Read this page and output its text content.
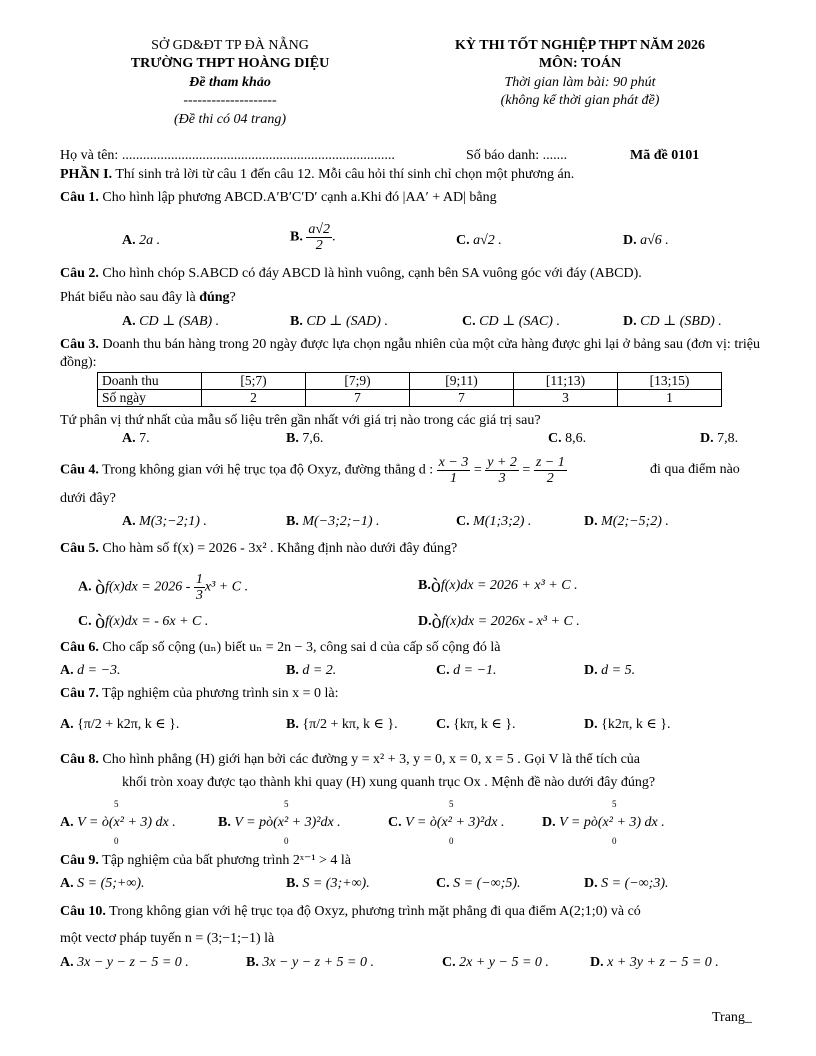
SỞ GD&ĐT TP ĐÀ NẴNG
TRƯỜNG THPT HOÀNG DIỆU
Đề tham khảo
--------------------
(Đề thi có 04 trang)
KỲ THI TỐT NGHIỆP THPT NĂM 2026
MÔN: TOÁN
Thời gian làm bài: 90 phút
(không kể thời gian phát đề)
Họ và tên: ..............................................................................	Số báo danh: .......	Mã đề 0101
PHẦN I. Thí sinh trả lời từ câu 1 đến câu 12. Mỗi câu hỏi thí sinh chỉ chọn một phương án.
Câu 1. Cho hình lập phương ABCD.A′B′C′D′ cạnh a.Khi đó |AA′ + AD| bằng
A. 2a .	B. $\frac{a√2}{2}$ .	C. a√2 .	D. a√6 .
Câu 2. Cho hình chóp S.ABCD có đáy ABCD là hình vuông, cạnh bên SA vuông góc với đáy (ABCD).
Phát biểu nào sau đây là đúng?
A. CD ⊥ (SAB) .	B. CD ⊥ (SAD) .	C. CD ⊥ (SAC) .	D. CD ⊥ (SBD) .
Câu 3. Doanh thu bán hàng trong 20 ngày được lựa chọn ngẫu nhiên của một cửa hàng được ghi lại ở bảng sau (đơn vị: triệu đồng):
Doanh thu	[5;7)	[7;9)	[9;11)	[11;13)	[13;15)
Số ngày	2	7	7	3	1
Tứ phân vị thứ nhất của mẫu số liệu trên gần nhất với giá trị nào trong các giá trị sau?
A. 7.	B. 7,6.	C. 8,6.	D. 7,8.
Câu 4. Trong không gian với hệ trục tọa độ Oxyz, đường thẳng d : $\frac{x - 3}{1} = \frac{y + 2}{3} = \frac{z - 1}{2}$	đi qua điểm nào
dưới đây?
A. M(3;−2;1) .	B. M(−3;2;−1) .	C. M(1;3;2) .	D. M(2;−5;2) .
Câu 5. Cho hàm số f(x) = 2026 - 3x² . Khẳng định nào dưới đây đúng?
A. òf(x)dx = $2026 - \frac{1}{3} x^3 + C$ .	B.òf(x)dx = 2026 + x³ + C .
C. òf(x)dx = - 6x + C .	D.òf(x)dx = 2026x - x³ + C .
Câu 6. Cho cấp số cộng (uₙ) biết uₙ = 2n − 3, công sai d của cấp số cộng đó là
A. d = −3.	B. d = 2.	C. d = −1.	D. d = 5.
Câu 7. Tập nghiệm của phương trình sin x = 0 là:
A. {π/2 + k2π, k ∈ }.	B. {π/2 + kπ, k ∈ }.	C. {kπ, k ∈ }.	D. {k2π, k ∈ }.
Câu 8. Cho hình phẳng (H) giới hạn bởi các đường y = x² + 3, y = 0, x = 0, x = 5 . Gọi V là thể tích của
khối tròn xoay được tạo thành khi quay (H) xung quanh trục Ox . Mệnh đề nào dưới đây đúng?
A. V = ò(x² + 3) dx .
5
0
B. V = pò(x² + 3)²dx .
5
0
C. V = ò(x² + 3)²dx .
5
0
D. V = pò(x² + 3) dx .
5
0
Câu 9. Tập nghiệm của bất phương trình 2ˣ⁻¹ > 4 là
A. S = (5;+∞).	B. S = (3;+∞).	C. S = (−∞;5).	D. S = (−∞;3).
Câu 10. Trong không gian với hệ trục tọa độ Oxyz, phương trình mặt phẳng đi qua điểm A(2;1;0) và có
một vectơ pháp tuyến n = (3;−1;−1) là
A. 3x − y − z − 5 = 0 .	B. 3x − y − z + 5 = 0 .	C. 2x + y − 5 = 0 .	D. x + 3y + z − 5 = 0 .
Trang_
